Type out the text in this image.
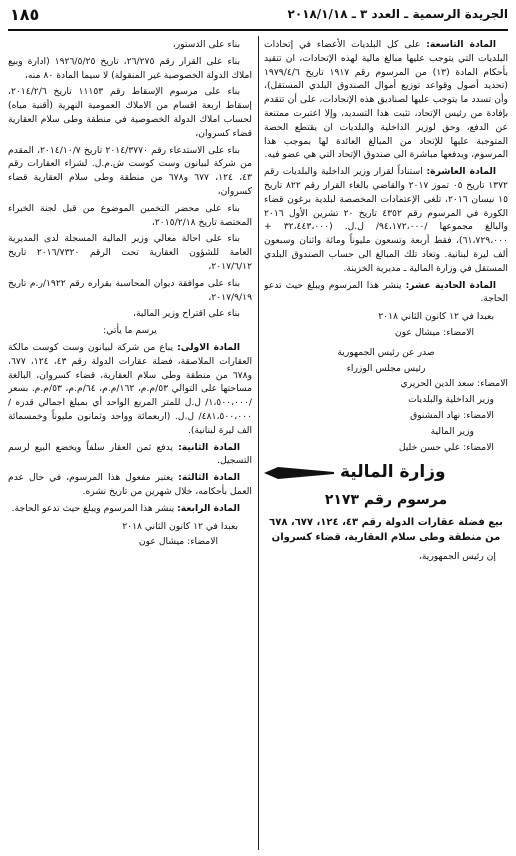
الجريدة الرسمية ـ العدد ٣ ـ ٢٠١٨/١/١٨
١٨٥

المادة التاسعة: على كل البلديات الأعضاء في إتحادات البلديات التي يتوجب عليها مبالغ مالية لهذه الإتحادات، ان تتقيد بأحكام المادة (١٣) من المرسوم رقم ١٩١٧ تاريخ ١٩٧٩/٤/٦ (تحديد أصول وقواعد توزيع أموال الصندوق البلدي المستقل)، وأن تسدد ما يتوجب عليها لصناديق هذه الإتحادات، على أن تتقدم بإفادة من رئيس الإتحاد، تثبت هذا التسديد، وإلا اعتبرت ممتنعة عن الدفع، وحق لوزير الداخلية والبلديات ان يقتطع الحصة المتوجبة عليها للإتحاد من المبالغ العائدة لها بموجب هذا المرسوم، ويدفعها مباشرة الى صندوق الإتحاد التي هي عضو فيه.

المادة العاشرة: استناداً لقرار وزير الداخلية والبلديات رقم ١٣٧٢ تاريخ ٠٥ تموز ٢٠١٧ والقاضي بالغاء القرار رقم ٨٢٢ تاريخ ١٥ نيسان ٢٠١٦، تلغى الإعتمادات المخصصة لبلدية برغون قضاء الكورة في المرسوم رقم ٤٣٥٢ تاريخ ٢٠ تشرين الأول ٢٠١٦ والبالغ مجموعها /٩٤،١٧٢،٠٠٠/ ل.ل. (٣٢،٤٤٣،٠٠٠ + ٦١،٧٢٩،٠٠٠)، فقط أربعة وتسعون مليوناً ومائة واثنان وسبعون ألف ليرة لبنانية. وتعاد تلك المبالغ الى حساب الصندوق البلدي المستقل في وزارة المالية ـ مديرية الخزينة.

المادة الحادية عشر: ينشر هذا المرسوم ويبلغ حيث تدعو الحاجة.

بعبدا في ١٢ كانون الثاني ٢٠١٨
الامضاء: ميشال عون
صدر عن رئيس الجمهورية
رئيس مجلس الوزراء
الامضاء: سعد الدين الحريري
وزير الداخلية والبلديات
الامضاء: نهاد المشنوق
وزير المالية
الامضاء: علي حسن خليل
وزارة المالية
مرسوم رقم ٢١٧٣
بيع فضلة عقارات الدولة رقم ٤٣، ١٢٤، ٦٧٧، ٦٧٨ من منطقة وطى سلام العقارية، قضاء كسروان

إن رئيس الجمهورية،

بناء على الدستور،

بناء على القرار رقم ٢٦/٢٧٥، تاريخ ١٩٢٦/٥/٢٥ (ادارة وبيع املاك الدولة الخصوصية غير المنقولة) لا سيما المادة ٨٠ منه،

بناء على مرسوم الإسقاط رقم ١١١٥٣ تاريخ ٢٠١٤/٢/٦، إسقاط اربعة اقسام من الاملاك العمومية النهرية (أقنية مياه) لحساب املاك الدولة الخصوصية في منطقة وطى سلام العقارية قضاء كسروان،

بناء على الاستدعاء رقم ٢٠١٤/٣٧٧٠ تاريخ ٢٠١٤/١٠/٧، المقدم من شركة لبيانون وست كوست ش.م.ل. لشراء العقارات رقم ٤٣، ١٢٤، ٦٧٧ و٦٧٨ من منطقة وطى سلام العقارية قضاء كسروان،

بناء على محضر التخمين الموضوع من قبل لجنة الخبراء المختصة تاريخ ٢٠١٥/٢/١٨،

بناء على احالة معالي وزير المالية المسجلة لدى المديرية العامة للشؤون العقارية تحت الرقم ٢٠١٦/٧٣٢٠ تاريخ ٢٠١٧/٦/١٢،

بناء على موافقة ديوان المحاسبة بقراره رقم ١٩٢٢/ر.م تاريخ ٢٠١٧/٩/١٩،

بناء على اقتراح وزير المالية،

يرسم ما يأتي:

المادة الاولى: يباع من شركة لبيانون وست كوست مالكة العقارات الملاصقة، فضلة عقارات الدولة رقم ٤٣، ١٢٤، ٦٧٧، و٦٧٨ من منطقة وطى سلام العقارية، قضاء كسروان، البالغة مساحتها على التوالي ٥٣/م.م، ١٦٢/م.م، ٦٤/م.م، ٥٣/م.م. بسعر /١،٥٠٠،٠٠٠/ ل.ل للمتر المربع الواحد أي بمبلغ اجمالي قدره /٤٨١،٥٠٠،٠٠٠/ ل.ل. (اربعمائة وواحد وثمانون مليوناً وخمسمائة الف ليرة لبنانية).

المادة الثانية: يدفع ثمن العقار سلفاً ويخضع البيع لرسم التسجيل.

المادة الثالثة: يعتبر مفعول هذا المرسوم، في حال عدم العمل بأحكامه، خلال شهرين من تاريخ نشره.

المادة الرابعة: ينشر هذا المرسوم ويبلغ حيث تدعو الحاجة.

بعبدا في ١٢ كانون الثاني ٢٠١٨
الامضاء: ميشال عون
